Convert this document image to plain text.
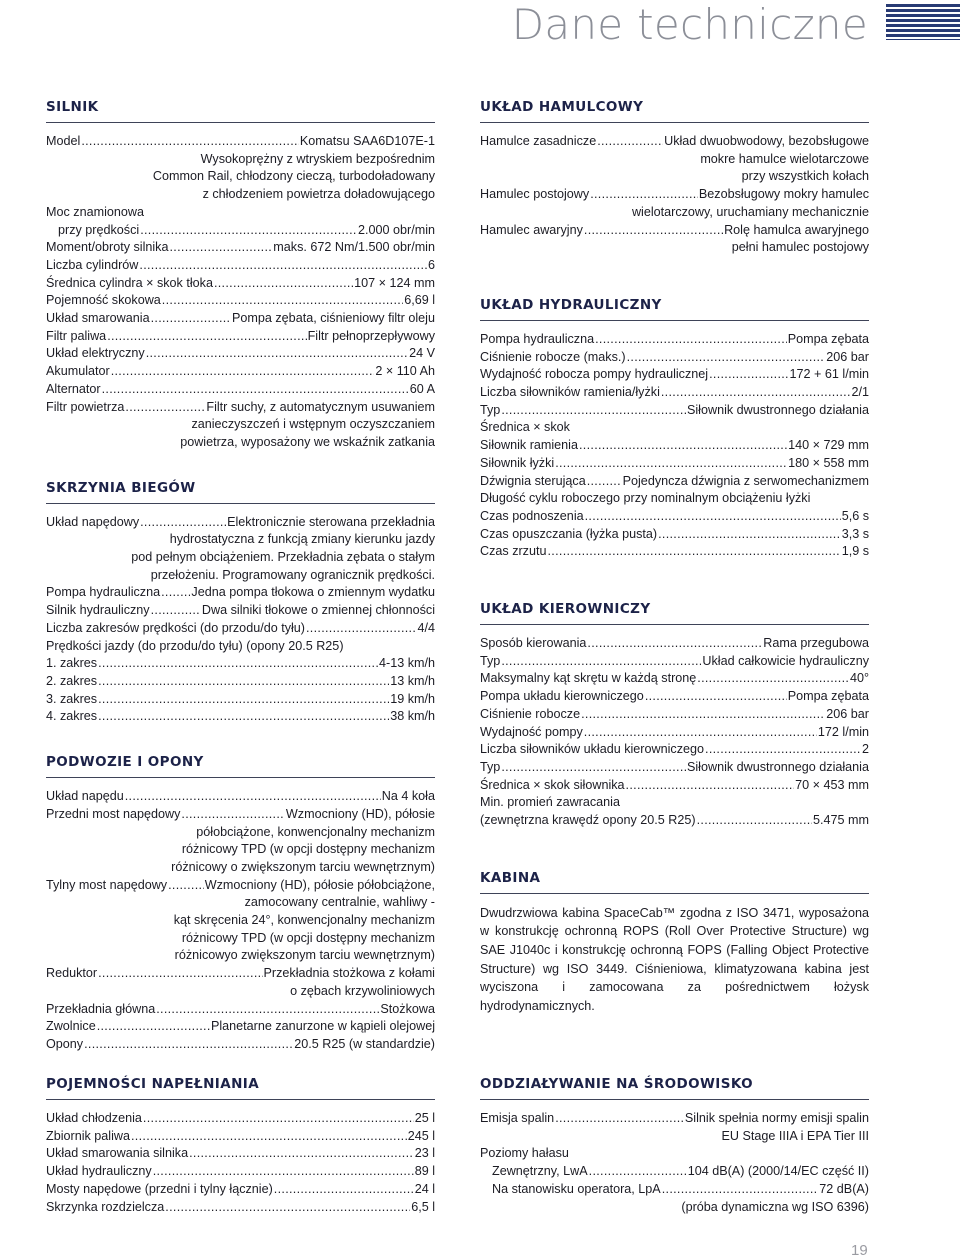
Dane techniczne
SILNIK
Model . . .	Komatsu SAA6D107E-1
Wysokoprężny z wtryskiem bezpośrednim
Common Rail, chłodzony cieczą, turbodoładowany
z chłodzeniem powietrza doładowującego
Moc znamionowa
przy prędkości . . .	2.000 obr/min
Moment/obroty silnika . . .	maks. 672 Nm/1.500 obr/min
Liczba cylindrów . . .	6
Średnica cylindra × skok tłoka . . .	107 × 124 mm
Pojemność skokowa . . .	6,69 l
Układ smarowania . . .	Pompa zębata, ciśnieniowy filtr oleju
Filtr paliwa . . .	Filtr pełnoprzepływowy
Układ elektryczny . . .	24 V
Akumulator . . .	2 × 110 Ah
Alternator . . .	60 A
Filtr powietrza . . .	Filtr suchy, z automatycznym usuwaniem
zanieczyszczeń i wstępnym oczyszczaniem
powietrza, wyposażony we wskaźnik zatkania
SKRZYNIA BIEGÓW
Układ napędowy . . .	Elektronicznie sterowana przekładnia
hydrostatyczna z funkcją zmiany kierunku jazdy
pod pełnym obciążeniem. Przekładnia zębata o stałym
przełożeniu. Programowany ogranicznik prędkości.
Pompa hydrauliczna . . . Jedna pompa tłokowa o zmiennym wydatku
Silnik hydrauliczny . . .	Dwa silniki tłokowe o zmiennej chłonności
Liczba zakresów prędkości (do przodu/do tyłu) . . .	4/4
Prędkości jazdy (do przodu/do tyłu) (opony 20.5 R25)
1. zakres . . .	4-13 km/h
2. zakres . . .	13 km/h
3. zakres . . .	19 km/h
4. zakres . . .	38 km/h
PODWOZIE I OPONY
Układ napędu . . .	Na 4 koła
Przedni most napędowy . . .	Wzmocniony (HD), półosie
półobciążone, konwencjonalny mechanizm
różnicowy TPD (w opcji dostępny mechanizm
różnicowy o zwiększonym tarciu wewnętrznym)
Tylny most napędowy . . .	Wzmocniony (HD), półosie półobciążone,
zamocowany centralnie, wahliwy -
kąt skręcenia 24°, konwencjonalny mechanizm
różnicowy TPD (w opcji dostępny mechanizm
różnicowyo zwiększonym tarciu wewnętrznym)
Reduktor . . .	Przekładnia stożkowa z kołami
o zębach krzywoliniowych
Przekładnia główna . . .	Stożkowa
Zwolnice . . .	Planetarne zanurzone w kąpieli olejowej
Opony . . .	20.5 R25 (w standardzie)
UKŁAD HAMULCOWY
Hamulce zasadnicze . . .	Układ dwuobwodowy, bezobsługowe
mokre hamulce wielotarczowe
przy wszystkich kołach
Hamulec postojowy . . .	Bezobsługowy mokry hamulec
wielotarczowy, uruchamiany mechanicznie
Hamulec awaryjny . . .	Rolę hamulca awaryjnego
pełni hamulec postojowy
UKŁAD HYDRAULICZNY
Pompa hydrauliczna . . .	Pompa zębata
Ciśnienie robocze (maks.) . . .	206 bar
Wydajność robocza pompy hydraulicznej . . .	172 + 61 l/min
Liczba siłowników ramienia/łyżki . . .	2/1
Typ . . .	Siłownik dwustronnego działania
Średnica × skok
Siłownik ramienia . . .	140 × 729 mm
Siłownik łyżki . . .	180 × 558 mm
Dźwignia sterująca . . .	Pojedyncza dźwignia z serwomechanizmem
Długość cyklu roboczego przy nominalnym obciążeniu łyżki
Czas podnoszenia . . .	5,6 s
Czas opuszczania (łyżka pusta) . . .	3,3 s
Czas zrzutu . . .	1,9 s
UKŁAD KIEROWNICZY
Sposób kierowania . . .	Rama przegubowa
Typ . . .	Układ całkowicie hydrauliczny
Maksymalny kąt skrętu w każdą stronę . . .	40°
Pompa układu kierowniczego . . .	Pompa zębata
Ciśnienie robocze . . .	206 bar
Wydajność pompy . . .	172 l/min
Liczba siłowników układu kierowniczego . . .	2
Typ . . .	Siłownik dwustronnego działania
Średnica × skok siłownika . . .	70 × 453 mm
Min. promień zawracania
(zewnętrzna krawędź opony 20.5 R25) . . .	5.475 mm
KABINA
Dwudrzwiowa kabina SpaceCab™ zgodna z ISO 3471, wyposażona w konstrukcję ochronną ROPS (Roll Over Protective Structure) wg SAE J1040c i konstrukcję ochronną FOPS (Falling Object Protective Structure) wg ISO 3449. Ciśnieniowa, klimatyzowana kabina jest wyciszona i zamocowana za pośrednictwem łożysk hydrodynamicznych.
POJEMNOŚCI NAPEŁNIANIA
Układ chłodzenia . . .	25 l
Zbiornik paliwa . . .	245 l
Układ smarowania silnika . . .	23 l
Układ hydrauliczny . . .	89 l
Mosty napędowe (przedni i tylny łącznie) . . .	24 l
Skrzynka rozdzielcza . . .	6,5 l
ODDZIAŁYWANIE NA ŚRODOWISKO
Emisja spalin . . .	Silnik spełnia normy emisji spalin
EU Stage IIIA i EPA Tier III
Poziomy hałasu
Zewnętrzny, LwA . . .	104 dB(A) (2000/14/EC część II)
Na stanowisku operatora, LpA . . .	72 dB(A)
(próba dynamiczna wg ISO 6396)
19
